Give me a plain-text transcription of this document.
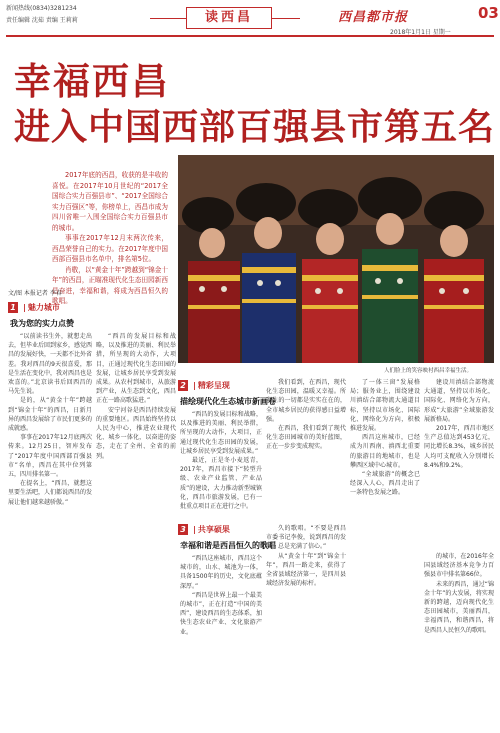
新闻热线(0834)3281234
责任编辑 沈茹 责编 王莉莉	读西昌	西昌都市报	03
2018年1月1日 星期一
幸福西昌
进入中国西部百强县市第五名

2017年底的西昌，收获的是丰收的喜悦。在2017年10月世纪的“2017全国综合实力百强县市”、“2017全国综合实力百强区”等，你榜单上，西昌市成为四川省唯一入围全国综合实力百强县市的城市。

事事在2017年12月末两次传来，西昌荣誉自己的实力。在2017年度中国西部百强县市名单中，排名第5位。

肖敬，以“黄金十年”跨越到“锦金十年”的西昌，正瞄准现代化生态田园新西昌奋进，幸福和谐，将成为西昌恒久的歌唱。

文/图 本报记者 李春
人们脸上的笑容映衬西昌幸福生活。
1 | 魅力城市
我为您的实力点赞

“以前读书生外，就想走出去，但毕业后回到家乡，感觉西昌的发展好快，一天都不比外省差。我对西昌的9天很喜爱，那是生活在变化中，我对西昌也是欢喜的。”北京读书后回西昌的马先生说。

是的，从“黄金十年”跨越到“锦金十年”的西昌，日新月异的西昌发展给了市民们更多的成就感。

事事在2017年12月底两次传来。12月25日，智库发布了“2017年度中国西部百强县市”名单，西昌在其中位列第五，四川排名第一。

在提名上，“西昌，就想这里要生活吧，人们都说西昌的发展让他们越来越骄傲。”

“西昌的发展目标和战略，以及推进的美丽、利民举措，所呈现的大动作，大项目，正通过现代化生态田园的发展，让城乡居民享受到发展成果。从农村到城市，从旅游到产业，从生态到文化，西昌正在一路高歌猛进。”

安宁河谷是西昌持续发展的重要地区。西昌始终坚持以人民为中心，推进农业现代化、城乡一体化，以奋进的姿态，走在了全州、全省的前列。

2 | 精彩呈现
描绘现代化生态城市新画卷

“西昌的发展目标和战略，以及推进的美丽、利民举措，所呈现的大动作，大项目，正通过现代化生态田园的发展，让城乡居民享受到发展成果。”

最近，正是冬小麦返青，2017年，西昌市接下“转型升级、农业产业监管、产业品质”的建设，大力推动新型城镇化，西昌市旅游发展，已有一批重点项目正在进行之中。

我们看到，在西昌，现代化生态田园，温暖又幸福。所发生的一切都是实实在在的，全市城乡居民的获得感日益增强。

在西昌，我们看到了现代化生态田园城市的美好蓝图，正在一步步变成现实。

3 | 共享硕果
幸福和谐是西昌恒久的歌唱

“西昌这座城市，西昌这个城市的，山水、城池为一体，具备1500年的历史，文化底蕴深厚。”

“西昌是世界上最一个最美的城市”，正在打造“中国的美西”，建设西昌的生态体系，加快生态农业产业、文化旅游产业。

久的歌唱。“不要是西昌市委书记李俊，说到西昌的发展，总是充满了信心。”

从“黄金十年”到“锦金十年”，西昌一路走来，获得了全省县域经济第一，是四川县域经济发展的标杆。

了一体三窗”发展格局；服务业上，围绕建设川滇结合部物流大通道目标，坚持以市场化、国际化、网络化为方向，积极推进发展。

西昌这座城市，已经成为川西南、滇西北重要的旅游目的地城市，也是攀西区域中心城市。

“全域旅游”的概念已经深入人心，西昌走出了一条特色发展之路。

建设川滇结合部物流大通道，坚持以市场化，国际化、网络化为方向，形成“大旅游”全域旅游发展新格局。

2017年，西昌市地区生产总值达到453亿元，同比增长8.3%，城乡居民人均可支配收入分别增长8.4%和9.2%。

的城市，在2016年全国县域经济基本竞争力百强县市中排名第66位。

未来的西昌，通过“锦金十年”的大发展，将实现新的跨越，迈向现代化生态田园城市，美丽西昌，幸福西昌，和谐西昌，将是西昌人民恒久的歌唱。
